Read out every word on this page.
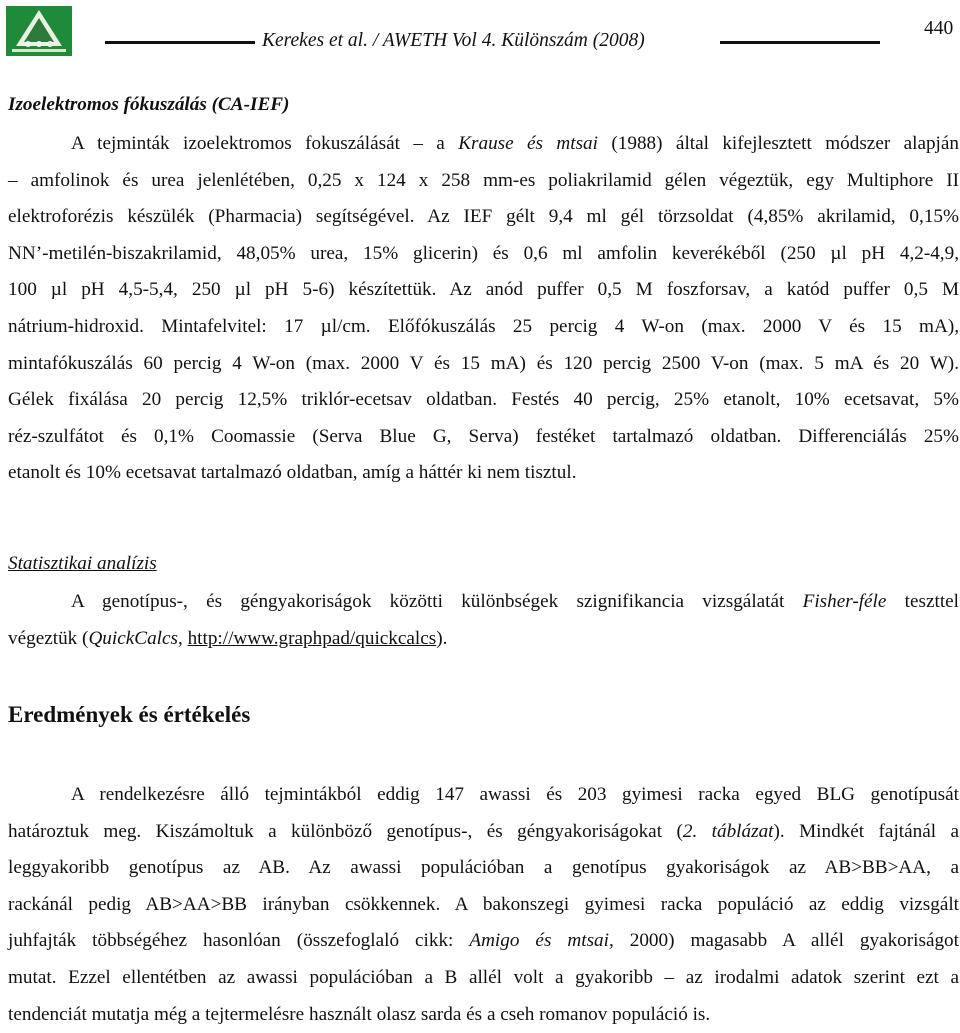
Kerekes et al. / AWETH Vol 4. Különszám (2008)
440
Izoelektromos fókuszálás (CA-IEF)
A tejminták izoelektromos fokuszálását – a Krause és mtsai (1988) által kifejlesztett módszer alapján
– amfolinok és urea jelenlétében, 0,25 x 124 x 258 mm-es poliakrilamid gélen végeztük, egy Multiphore II
elektroforézis készülék (Pharmacia) segítségével. Az IEF gélt 9,4 ml gél törzsoldat (4,85% akrilamid, 0,15%
NN’-metilén-biszakrilamid, 48,05% urea, 15% glicerin) és 0,6 ml amfolin keverékéből (250 µl pH 4,2-4,9,
100 µl pH 4,5-5,4, 250 µl pH 5-6) készítettük. Az anód puffer 0,5 M foszforsav, a katód puffer 0,5 M
nátrium-hidroxid. Mintafelvitel: 17 µl/cm. Előfókuszálás 25 percig 4 W-on (max. 2000 V és 15 mA),
mintafókuszálás 60 percig 4 W-on (max. 2000 V és 15 mA) és 120 percig 2500 V-on (max. 5 mA és 20 W).
Gélek fixálása 20 percig 12,5% triklór-ecetsav oldatban. Festés 40 percig, 25% etanolt, 10% ecetsavat, 5%
réz-szulfátot és 0,1% Coomassie (Serva Blue G, Serva) festéket tartalmazó oldatban. Differenciálás 25%
etanolt és 10% ecetsavat tartalmazó oldatban, amíg a háttér ki nem tisztul.
Statisztikai analízis
A genotípus-, és géngyakoriságok közötti különbségek szignifikancia vizsgálatát Fisher-féle teszttel
végeztük (QuickCalcs, http://www.graphpad/quickcalcs).
Eredmények és értékelés
A rendelkezésre álló tejmintákból eddig 147 awassi és 203 gyimesi racka egyed BLG genotípusát
határoztuk meg. Kiszámoltuk a különböző genotípus-, és géngyakoriságokat (2. táblázat). Mindkét fajtánál a
leggyakoribb genotípus az AB. Az awassi populációban a genotípus gyakoriságok az AB>BB>AA, a
rackánál pedig AB>AA>BB irányban csökkennek. A bakonszegi gyimesi racka populáció az eddig vizsgált
juhfajták többségéhez hasonlóan (összefoglaló cikk: Amigo és mtsai, 2000) magasabb A allél gyakoriságot
mutat. Ezzel ellentétben az awassi populációban a B allél volt a gyakoribb – az irodalmi adatok szerint ezt a
tendenciát mutatja még a tejtermelésre használt olasz sarda és a cseh romanov populáció is.
